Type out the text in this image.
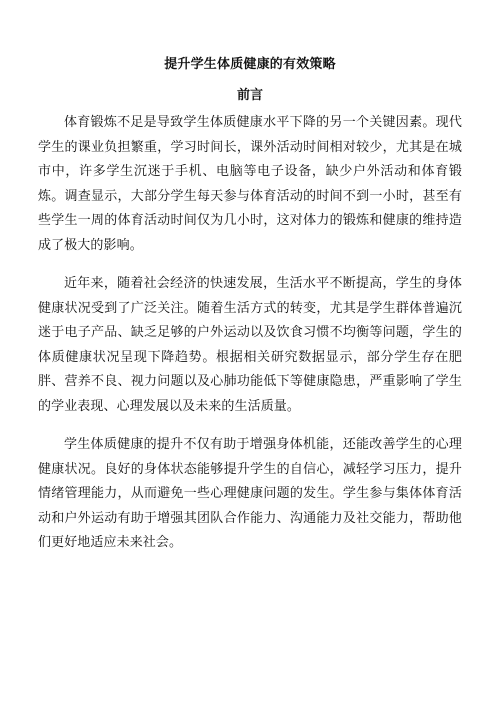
提升学生体质健康的有效策略
前言

体育锻炼不足是导致学生体质健康水平下降的另一个关键因素。现代学生的课业负担繁重，学习时间长，课外活动时间相对较少，尤其是在城市中，许多学生沉迷于手机、电脑等电子设备，缺少户外活动和体育锻炼。调查显示，大部分学生每天参与体育活动的时间不到一小时，甚至有些学生一周的体育活动时间仅为几小时，这对体力的锻炼和健康的维持造成了极大的影响。

近年来，随着社会经济的快速发展，生活水平不断提高，学生的身体健康状况受到了广泛关注。随着生活方式的转变，尤其是学生群体普遍沉迷于电子产品、缺乏足够的户外运动以及饮食习惯不均衡等问题，学生的体质健康状况呈现下降趋势。根据相关研究数据显示，部分学生存在肥胖、营养不良、视力问题以及心肺功能低下等健康隐患，严重影响了学生的学业表现、心理发展以及未来的生活质量。

学生体质健康的提升不仅有助于增强身体机能，还能改善学生的心理健康状况。良好的身体状态能够提升学生的自信心，减轻学习压力，提升情绪管理能力，从而避免一些心理健康问题的发生。学生参与集体体育活动和户外运动有助于增强其团队合作能力、沟通能力及社交能力，帮助他们更好地适应未来社会。
